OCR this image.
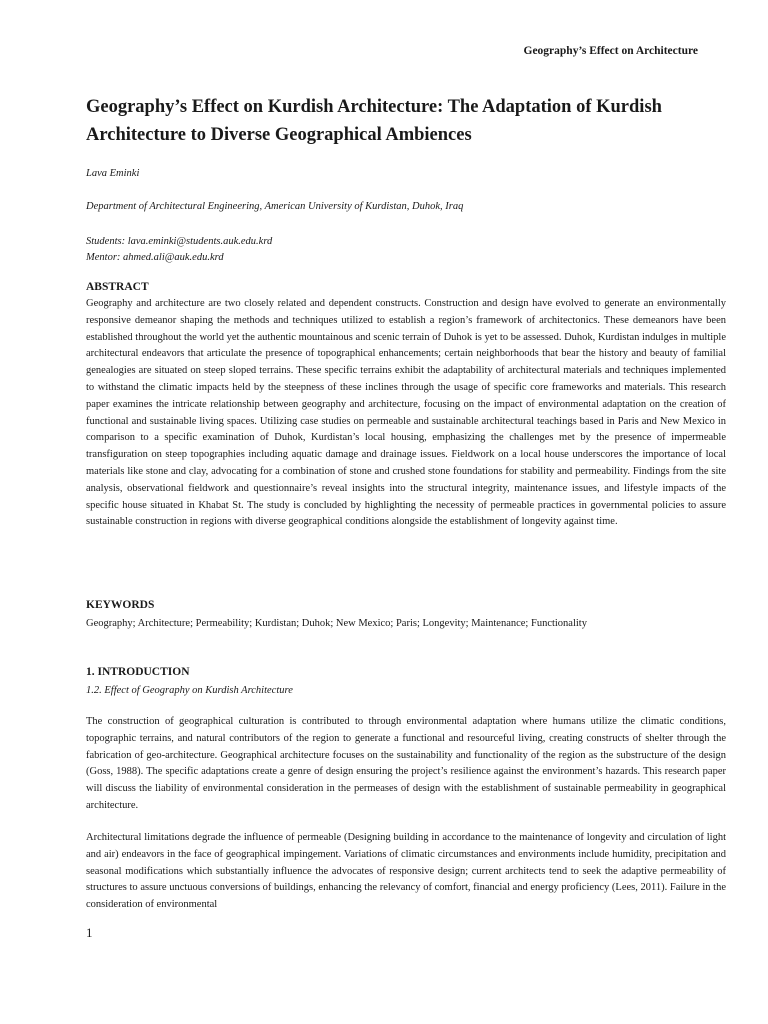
Geography’s Effect on Architecture
Geography’s Effect on Kurdish Architecture: The Adaptation of Kurdish Architecture to Diverse Geographical Ambiences

Lava Eminki

Department of Architectural Engineering, American University of Kurdistan, Duhok, Iraq

Students: lava.eminki@students.auk.edu.krd
Mentor: ahmed.ali@auk.edu.krd
ABSTRACT

Geography and architecture are two closely related and dependent constructs. Construction and design have evolved to generate an environmentally responsive demeanor shaping the methods and techniques utilized to establish a region’s framework of architectonics. These demeanors have been established throughout the world yet the authentic mountainous and scenic terrain of Duhok is yet to be assessed. Duhok, Kurdistan indulges in multiple architectural endeavors that articulate the presence of topographical enhancements; certain neighborhoods that bear the history and beauty of familial genealogies are situated on steep sloped terrains. These specific terrains exhibit the adaptability of architectural materials and techniques implemented to withstand the climatic impacts held by the steepness of these inclines through the usage of specific core frameworks and materials. This research paper examines the intricate relationship between geography and architecture, focusing on the impact of environmental adaptation on the creation of functional and sustainable living spaces. Utilizing case studies on permeable and sustainable architectural teachings based in Paris and New Mexico in comparison to a specific examination of Duhok, Kurdistan’s local housing, emphasizing the challenges met by the presence of impermeable transfiguration on steep topographies including aquatic damage and drainage issues. Fieldwork on a local house underscores the importance of local materials like stone and clay, advocating for a combination of stone and crushed stone foundations for stability and permeability. Findings from the site analysis, observational fieldwork and questionnaire’s reveal insights into the structural integrity, maintenance issues, and lifestyle impacts of the specific house situated in Khabat St. The study is concluded by highlighting the necessity of permeable practices in governmental policies to assure sustainable construction in regions with diverse geographical conditions alongside the establishment of longevity against time.

KEYWORDS

Geography; Architecture; Permeability; Kurdistan; Duhok; New Mexico; Paris; Longevity; Maintenance; Functionality

1. INTRODUCTION

1.2. Effect of Geography on Kurdish Architecture

The construction of geographical culturation is contributed to through environmental adaptation where humans utilize the climatic conditions, topographic terrains, and natural contributors of the region to generate a functional and resourceful living, creating constructs of shelter through the fabrication of geo-architecture. Geographical architecture focuses on the sustainability and functionality of the region as the substructure of the design (Goss, 1988). The specific adaptations create a genre of design ensuring the project’s resilience against the environment’s hazards. This research paper will discuss the liability of environmental consideration in the permeases of design with the establishment of sustainable permeability in geographical architecture.

Architectural limitations degrade the influence of permeable (Designing building in accordance to the maintenance of longevity and circulation of light and air) endeavors in the face of geographical impingement. Variations of climatic circumstances and environments include humidity, precipitation and seasonal modifications which substantially influence the advocates of responsive design; current architects tend to seek the adaptive permeability of structures to assure unctuous conversions of buildings, enhancing the relevancy of comfort, financial and energy proficiency (Lees, 2011). Failure in the consideration of environmental

1
